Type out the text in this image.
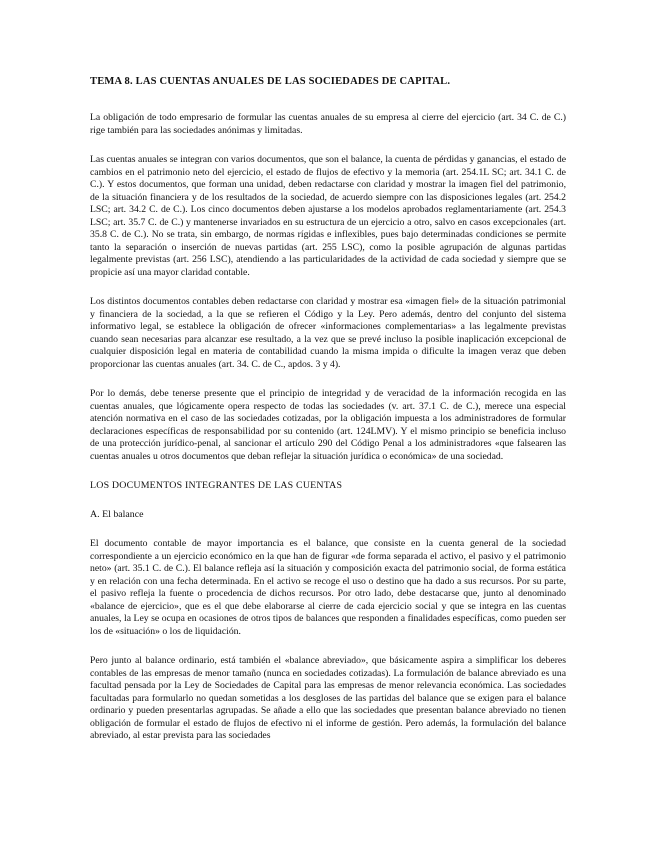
TEMA 8. LAS CUENTAS ANUALES DE LAS SOCIEDADES DE CAPITAL.

La obligación de todo empresario de formular las cuentas anuales de su empresa al cierre del ejercicio (art. 34 C. de C.) rige también para las sociedades anónimas y limitadas.

Las cuentas anuales se integran con varios documentos, que son el balance, la cuenta de pérdidas y ganancias, el estado de cambios en el patrimonio neto del ejercicio, el estado de flujos de efectivo y la memoria (art. 254.1L SC; art. 34.1 C. de C.). Y estos documentos, que forman una unidad, deben redactarse con claridad y mostrar la imagen fiel del patrimonio, de la situación financiera y de los resultados de la sociedad, de acuerdo siempre con las disposiciones legales (art. 254.2 LSC; art. 34.2 C. de C.). Los cinco documentos deben ajustarse a los modelos aprobados reglamentariamente (art. 254.3 LSC; art. 35.7 C. de C.) y mantenerse invariados en su estructura de un ejercicio a otro, salvo en casos excepcionales (art. 35.8 C. de C.). No se trata, sin embargo, de normas rígidas e inflexibles, pues bajo determinadas condiciones se permite tanto la separación o inserción de nuevas partidas (art. 255 LSC), como la posible agrupación de algunas partidas legalmente previstas (art. 256 LSC), atendiendo a las particularidades de la actividad de cada sociedad y siempre que se propicie así una mayor claridad contable.

Los distintos documentos contables deben redactarse con claridad y mostrar esa «imagen fiel» de la situación patrimonial y financiera de la sociedad, a la que se refieren el Código y la Ley. Pero además, dentro del conjunto del sistema informativo legal, se establece la obligación de ofrecer «informaciones complementarias» a las legalmente previstas cuando sean necesarias para alcanzar ese resultado, a la vez que se prevé incluso la posible inaplicación excepcional de cualquier disposición legal en materia de contabilidad cuando la misma impida o dificulte la imagen veraz que deben proporcionar las cuentas anuales (art. 34. C. de C., apdos. 3 y 4).

Por lo demás, debe tenerse presente que el principio de integridad y de veracidad de la información recogida en las cuentas anuales, que lógicamente opera respecto de todas las sociedades (v. art. 37.1 C. de C.), merece una especial atención normativa en el caso de las sociedades cotizadas, por la obligación impuesta a los administradores de formular declaraciones específicas de responsabilidad por su contenido (art. 124LMV). Y el mismo principio se beneficia incluso de una protección jurídico-penal, al sancionar el artículo 290 del Código Penal a los administradores «que falsearen las cuentas anuales u otros documentos que deban reflejar la situación jurídica o económica» de una sociedad.

LOS DOCUMENTOS INTEGRANTES DE LAS CUENTAS
A. El balance

El documento contable de mayor importancia es el balance, que consiste en la cuenta general de la sociedad correspondiente a un ejercicio económico en la que han de figurar «de forma separada el activo, el pasivo y el patrimonio neto» (art. 35.1 C. de C.). El balance refleja así la situación y composición exacta del patrimonio social, de forma estática y en relación con una fecha determinada. En el activo se recoge el uso o destino que ha dado a sus recursos. Por su parte, el pasivo refleja la fuente o procedencia de dichos recursos. Por otro lado, debe destacarse que, junto al denominado «balance de ejercicio», que es el que debe elaborarse al cierre de cada ejercicio social y que se integra en las cuentas anuales, la Ley se ocupa en ocasiones de otros tipos de balances que responden a finalidades específicas, como pueden ser los de «situación» o los de liquidación.

Pero junto al balance ordinario, está también el «balance abreviado», que básicamente aspira a simplificar los deberes contables de las empresas de menor tamaño (nunca en sociedades cotizadas). La formulación de balance abreviado es una facultad pensada por la Ley de Sociedades de Capital para las empresas de menor relevancia económica. Las sociedades facultadas para formularlo no quedan sometidas a los desgloses de las partidas del balance que se exigen para el balance ordinario y pueden presentarlas agrupadas. Se añade a ello que las sociedades que presentan balance abreviado no tienen obligación de formular el estado de flujos de efectivo ni el informe de gestión. Pero además, la formulación del balance abreviado, al estar prevista para las sociedades
